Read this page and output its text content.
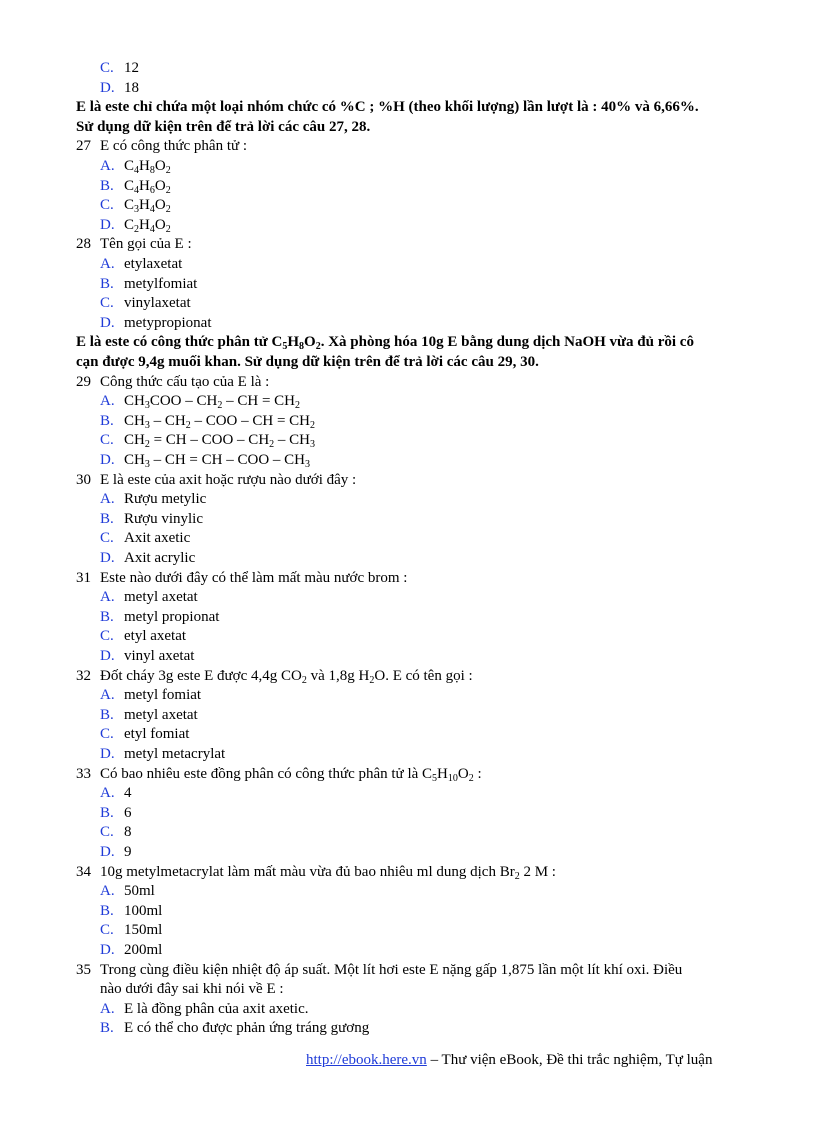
C. 12
D. 18
E là este chỉ chứa một loại nhóm chức có %C ; %H (theo khối lượng) lần lượt là : 40% và 6,66%.
Sử dụng dữ kiện trên để trả lời các câu 27, 28.
27 E có công thức phân tử :
A. $C_4H_8O_2$
B. $C_4H_6O_2$
C. $C_3H_4O_2$
D. $C_2H_4O_2$
28 Tên gọi của E :
A. etylaxetat
B. metylfomiat
C. vinylaxetat
D. metypropionat
E là este có công thức phân tử $C_5H_8O_2$. Xà phòng hóa 10g E bằng dung dịch NaOH vừa đủ rồi cô
cạn được 9,4g muối khan. Sử dụng dữ kiện trên để trả lời các câu 29, 30.
29 Công thức cấu tạo của E là :
A. $CH_3COO - CH_2$ – CH = $CH_2$
B. $CH_3 - CH_2$ – COO – CH = $CH_2$
C. $CH_2$ = CH – COO – $CH_2 - CH_3$
D. $CH_3$ – CH = CH – COO – $CH_3$
30 E là este của axit hoặc rượu nào dưới đây :
A. Rượu metylic
B. Rượu vinylic
C. Axit axetic
D. Axit acrylic
31 Este nào dưới đây có thể làm mất màu nước brom :
A. metyl axetat
B. metyl propionat
C. etyl axetat
D. vinyl axetat
32 Đốt cháy 3g este E được 4,4g $CO_2$ và 1,8g $H_2O$. E có tên gọi :
A. metyl fomiat
B. metyl axetat
C. etyl fomiat
D. metyl metacrylat
33 Có bao nhiêu este đồng phân có công thức phân tử là $C_5H_{10}O_2$ :
A. 4
B. 6
C. 8
D. 9
34 10g metylmetacrylat làm mất màu vừa đủ bao nhiêu ml dung dịch $Br_2$ 2 M :
A. 50ml
B. 100ml
C. 150ml
D. 200ml
35 Trong cùng điều kiện nhiệt độ áp suất. Một lít hơi este E nặng gấp 1,875 lần một lít khí oxi. Điều
nào dưới đây sai khi nói về E :
A. E là đồng phân của axit axetic.
B. E có thể cho được phản ứng tráng gương
http://ebook.here.vn – Thư viện eBook, Đề thi trắc nghiệm, Tự luận
